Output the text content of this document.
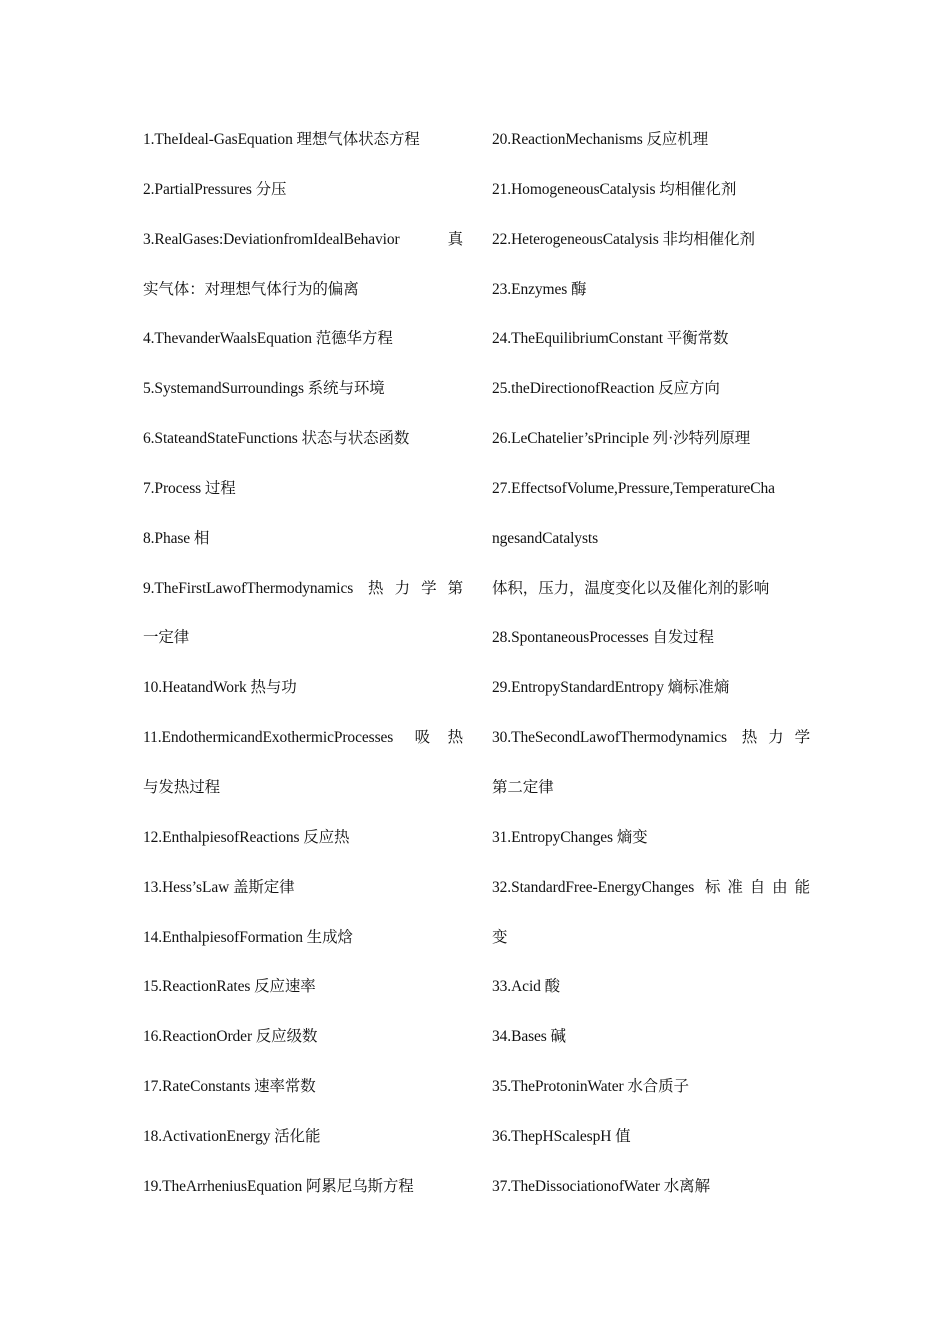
1.TheIdeal-GasEquation 理想气体状态方程
2.PartialPressures 分压
3.RealGases:DeviationfromIdealBehavior 真
实气体：对理想气体行为的偏离
4.ThevanderWaalsEquation 范德华方程
5.SystemandSurroundings 系统与环境
6.StateandStateFunctions 状态与状态函数
7.Process 过程
8.Phase 相
9.TheFirstLawofThermodynamics 热力学第
一定律
10.HeatandWork 热与功
11.EndothermicandExothermicProcesses 吸热
与发热过程
12.EnthalpiesofReactions 反应热
13.Hess’sLaw 盖斯定律
14.EnthalpiesofFormation 生成焓
15.ReactionRates 反应速率
16.ReactionOrder 反应级数
17.RateConstants 速率常数
18.ActivationEnergy 活化能
19.TheArrheniusEquation 阿累尼乌斯方程
20.ReactionMechanisms 反应机理
21.HomogeneousCatalysis 均相催化剂
22.HeterogeneousCatalysis 非均相催化剂
23.Enzymes 酶
24.TheEquilibriumConstant 平衡常数
25.theDirectionofReaction 反应方向
26.LeChatelier’sPrinciple 列·沙特列原理
27.EffectsofVolume,Pressure,TemperatureCha
ngesandCatalysts
体积，压力，温度变化以及催化剂的影响
28.SpontaneousProcesses 自发过程
29.EntropyStandardEntropy 熵标准熵
30.TheSecondLawofThermodynamics 热力学
第二定律
31.EntropyChanges 熵变
32.StandardFree-EnergyChanges 标准自由能
变
33.Acid 酸
34.Bases 碱
35.TheProtoninWater 水合质子
36.ThepHScalespH 值
37.TheDissociationofWater 水离解
